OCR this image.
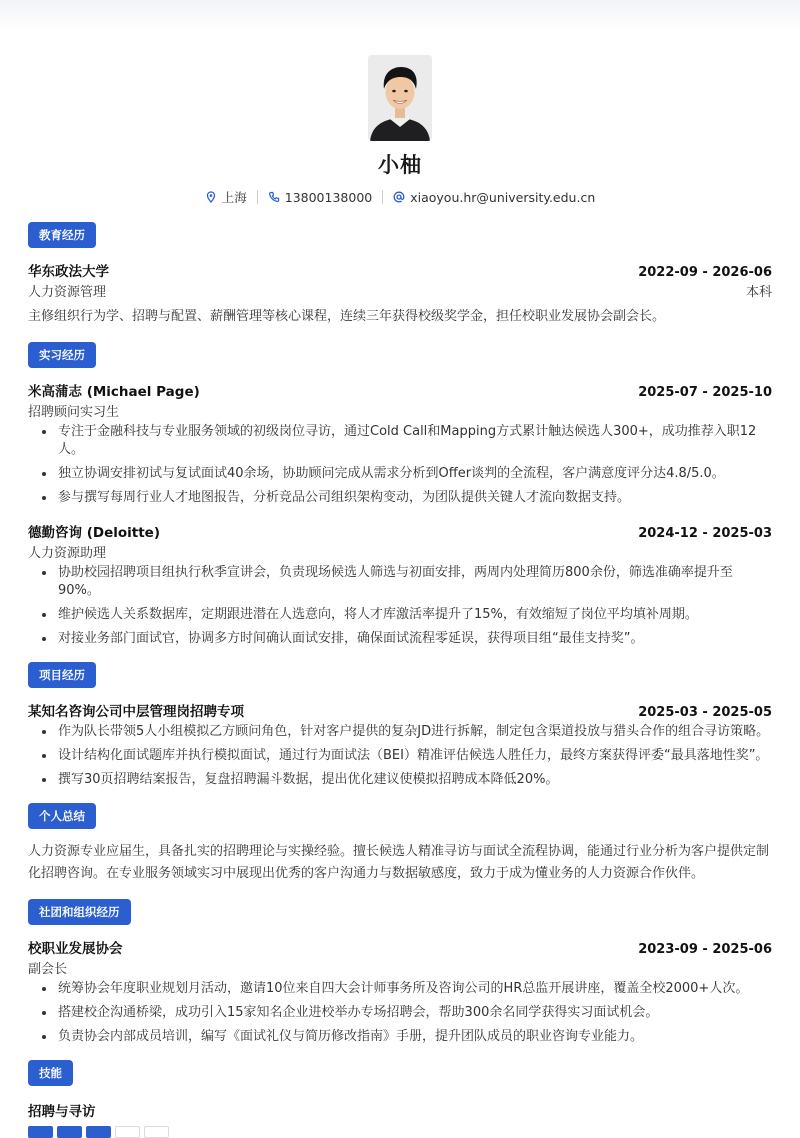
小柚
上海	13800138000	xiaoyou.hr@university.edu.cn
教育经历
华东政法大学	2022-09 - 2026-06
人力资源管理	本科
主修组织行为学、招聘与配置、薪酬管理等核心课程，连续三年获得校级奖学金，担任校职业发展协会副会长。
实习经历
米高蒲志 (Michael Page)	2025-07 - 2025-10
招聘顾问实习生
• 专注于金融科技与专业服务领域的初级岗位寻访，通过Cold Call和Mapping方式累计触达候选人300+，成功推荐入职12人。
• 独立协调安排初试与复试面试40余场，协助顾问完成从需求分析到Offer谈判的全流程，客户满意度评分达4.8/5.0。
• 参与撰写每周行业人才地图报告，分析竞品公司组织架构变动，为团队提供关键人才流向数据支持。
德勤咨询 (Deloitte)	2024-12 - 2025-03
人力资源助理
• 协助校园招聘项目组执行秋季宣讲会，负责现场候选人筛选与初面安排，两周内处理简历800余份，筛选准确率提升至90%。
• 维护候选人关系数据库，定期跟进潜在人选意向，将人才库激活率提升了15%，有效缩短了岗位平均填补周期。
• 对接业务部门面试官，协调多方时间确认面试安排，确保面试流程零延误，获得项目组“最佳支持奖”。
项目经历
某知名咨询公司中层管理岗招聘专项	2025-03 - 2025-05
• 作为队长带领5人小组模拟乙方顾问角色，针对客户提供的复杂JD进行拆解，制定包含渠道投放与猎头合作的组合寻访策略。
• 设计结构化面试题库并执行模拟面试，通过行为面试法（BEI）精准评估候选人胜任力，最终方案获得评委“最具落地性奖”。
• 撰写30页招聘结案报告，复盘招聘漏斗数据，提出优化建议使模拟招聘成本降低20%。
个人总结
人力资源专业应届生，具备扎实的招聘理论与实操经验。擅长候选人精准寻访与面试全流程协调，能通过行业分析为客户提供定制化招聘咨询。在专业服务领域实习中展现出优秀的客户沟通力与数据敏感度，致力于成为懂业务的人力资源合作伙伴。
社团和组织经历
校职业发展协会	2023-09 - 2025-06
副会长
• 统筹协会年度职业规划月活动，邀请10位来自四大会计师事务所及咨询公司的HR总监开展讲座，覆盖全校2000+人次。
• 搭建校企沟通桥梁，成功引入15家知名企业进校举办专场招聘会，帮助300余名同学获得实习面试机会。
• 负责协会内部成员培训，编写《面试礼仪与简历修改指南》手册，提升团队成员的职业咨询专业能力。
技能
招聘与寻访
